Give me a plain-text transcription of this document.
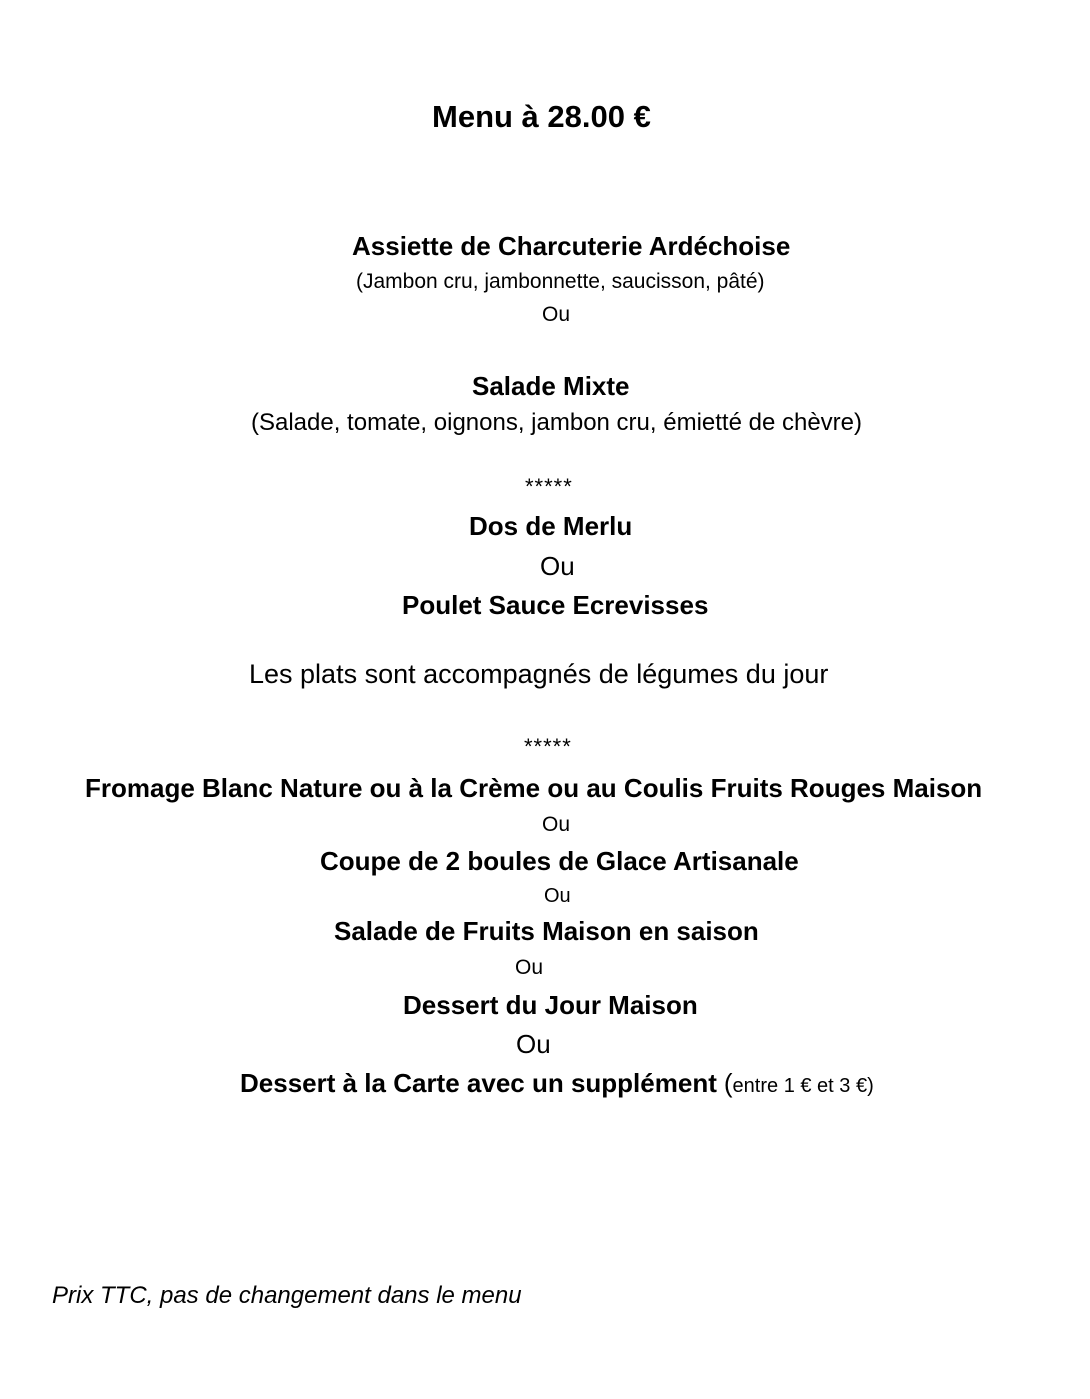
Menu à 28.00 €
Assiette de Charcuterie Ardéchoise
(Jambon cru, jambonnette, saucisson, pâté)
Ou
Salade Mixte
(Salade, tomate, oignons, jambon cru, émietté de chèvre)
*****
Dos de Merlu
Ou
Poulet Sauce Ecrevisses
Les plats sont accompagnés de légumes du jour
*****
Fromage Blanc Nature ou à la Crème ou au Coulis Fruits Rouges Maison
Ou
Coupe de 2 boules de Glace Artisanale
Ou
Salade de Fruits Maison en saison
Ou
Dessert du Jour Maison
Ou
Dessert à la Carte avec un supplément (entre 1 € et 3 €)
Prix TTC, pas de changement dans le menu
